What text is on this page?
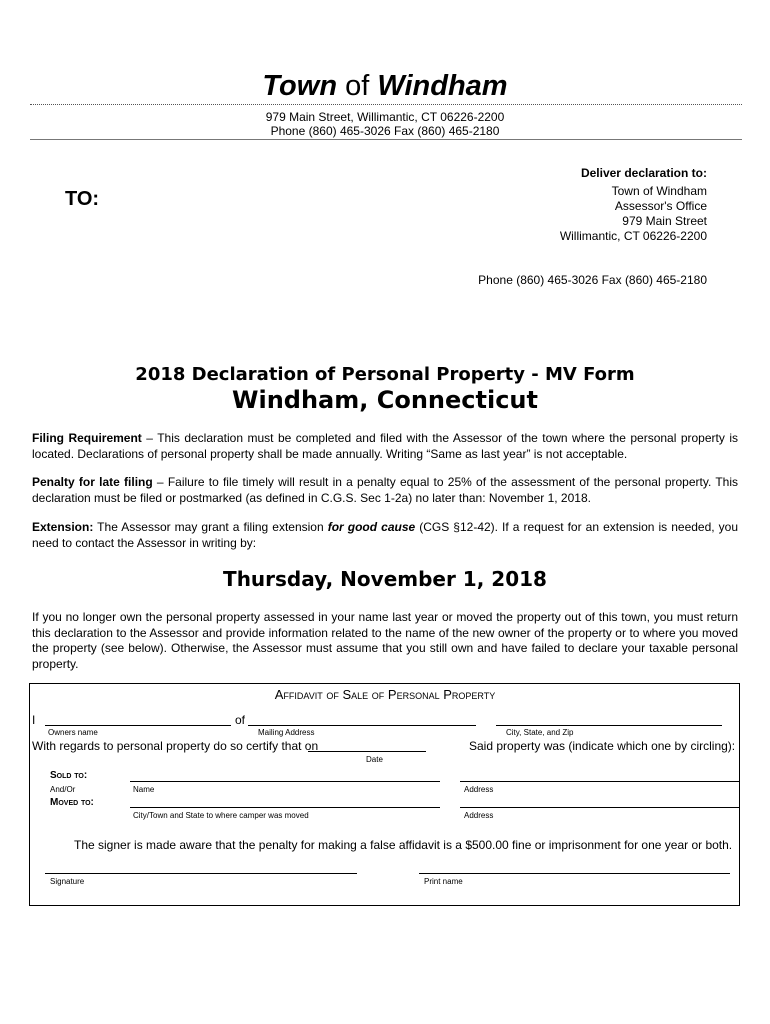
Town of Windham
979 Main Street, Willimantic, CT 06226-2200
Phone (860) 465-3026 Fax (860) 465-2180
TO:
Deliver declaration to:
Town of Windham
Assessor's Office
979 Main Street
Willimantic, CT 06226-2200
Phone (860) 465-3026 Fax (860) 465-2180
2018 Declaration of Personal Property - MV Form
Windham, Connecticut
Filing Requirement – This declaration must be completed and filed with the Assessor of the town where the personal property is located. Declarations of personal property shall be made annually. Writing “Same as last year” is not acceptable.
Penalty for late filing – Failure to file timely will result in a penalty equal to 25% of the assessment of the personal property. This declaration must be filed or postmarked (as defined in C.G.S. Sec 1-2a) no later than: November 1, 2018.
Extension: The Assessor may grant a filing extension for good cause (CGS §12-42). If a request for an extension is needed, you need to contact the Assessor in writing by:
Thursday, November 1, 2018
If you no longer own the personal property assessed in your name last year or moved the property out of this town, you must return this declaration to the Assessor and provide information related to the name of the new owner of the property or to where you moved the property (see below). Otherwise, the Assessor must assume that you still own and have failed to declare your taxable personal property.
Affidavit of Sale of Personal Property
I	of
Owners name	Mailing Address	City, State, and Zip
With regards to personal property do so certify that on
Date
Said property was (indicate which one by circling):
Sold to:
And/Or	Name	Address
Moved to:
City/Town and State to where camper was moved	Address
The signer is made aware that the penalty for making a false affidavit is a $500.00 fine or imprisonment for one year or both.
Signature	Print name
